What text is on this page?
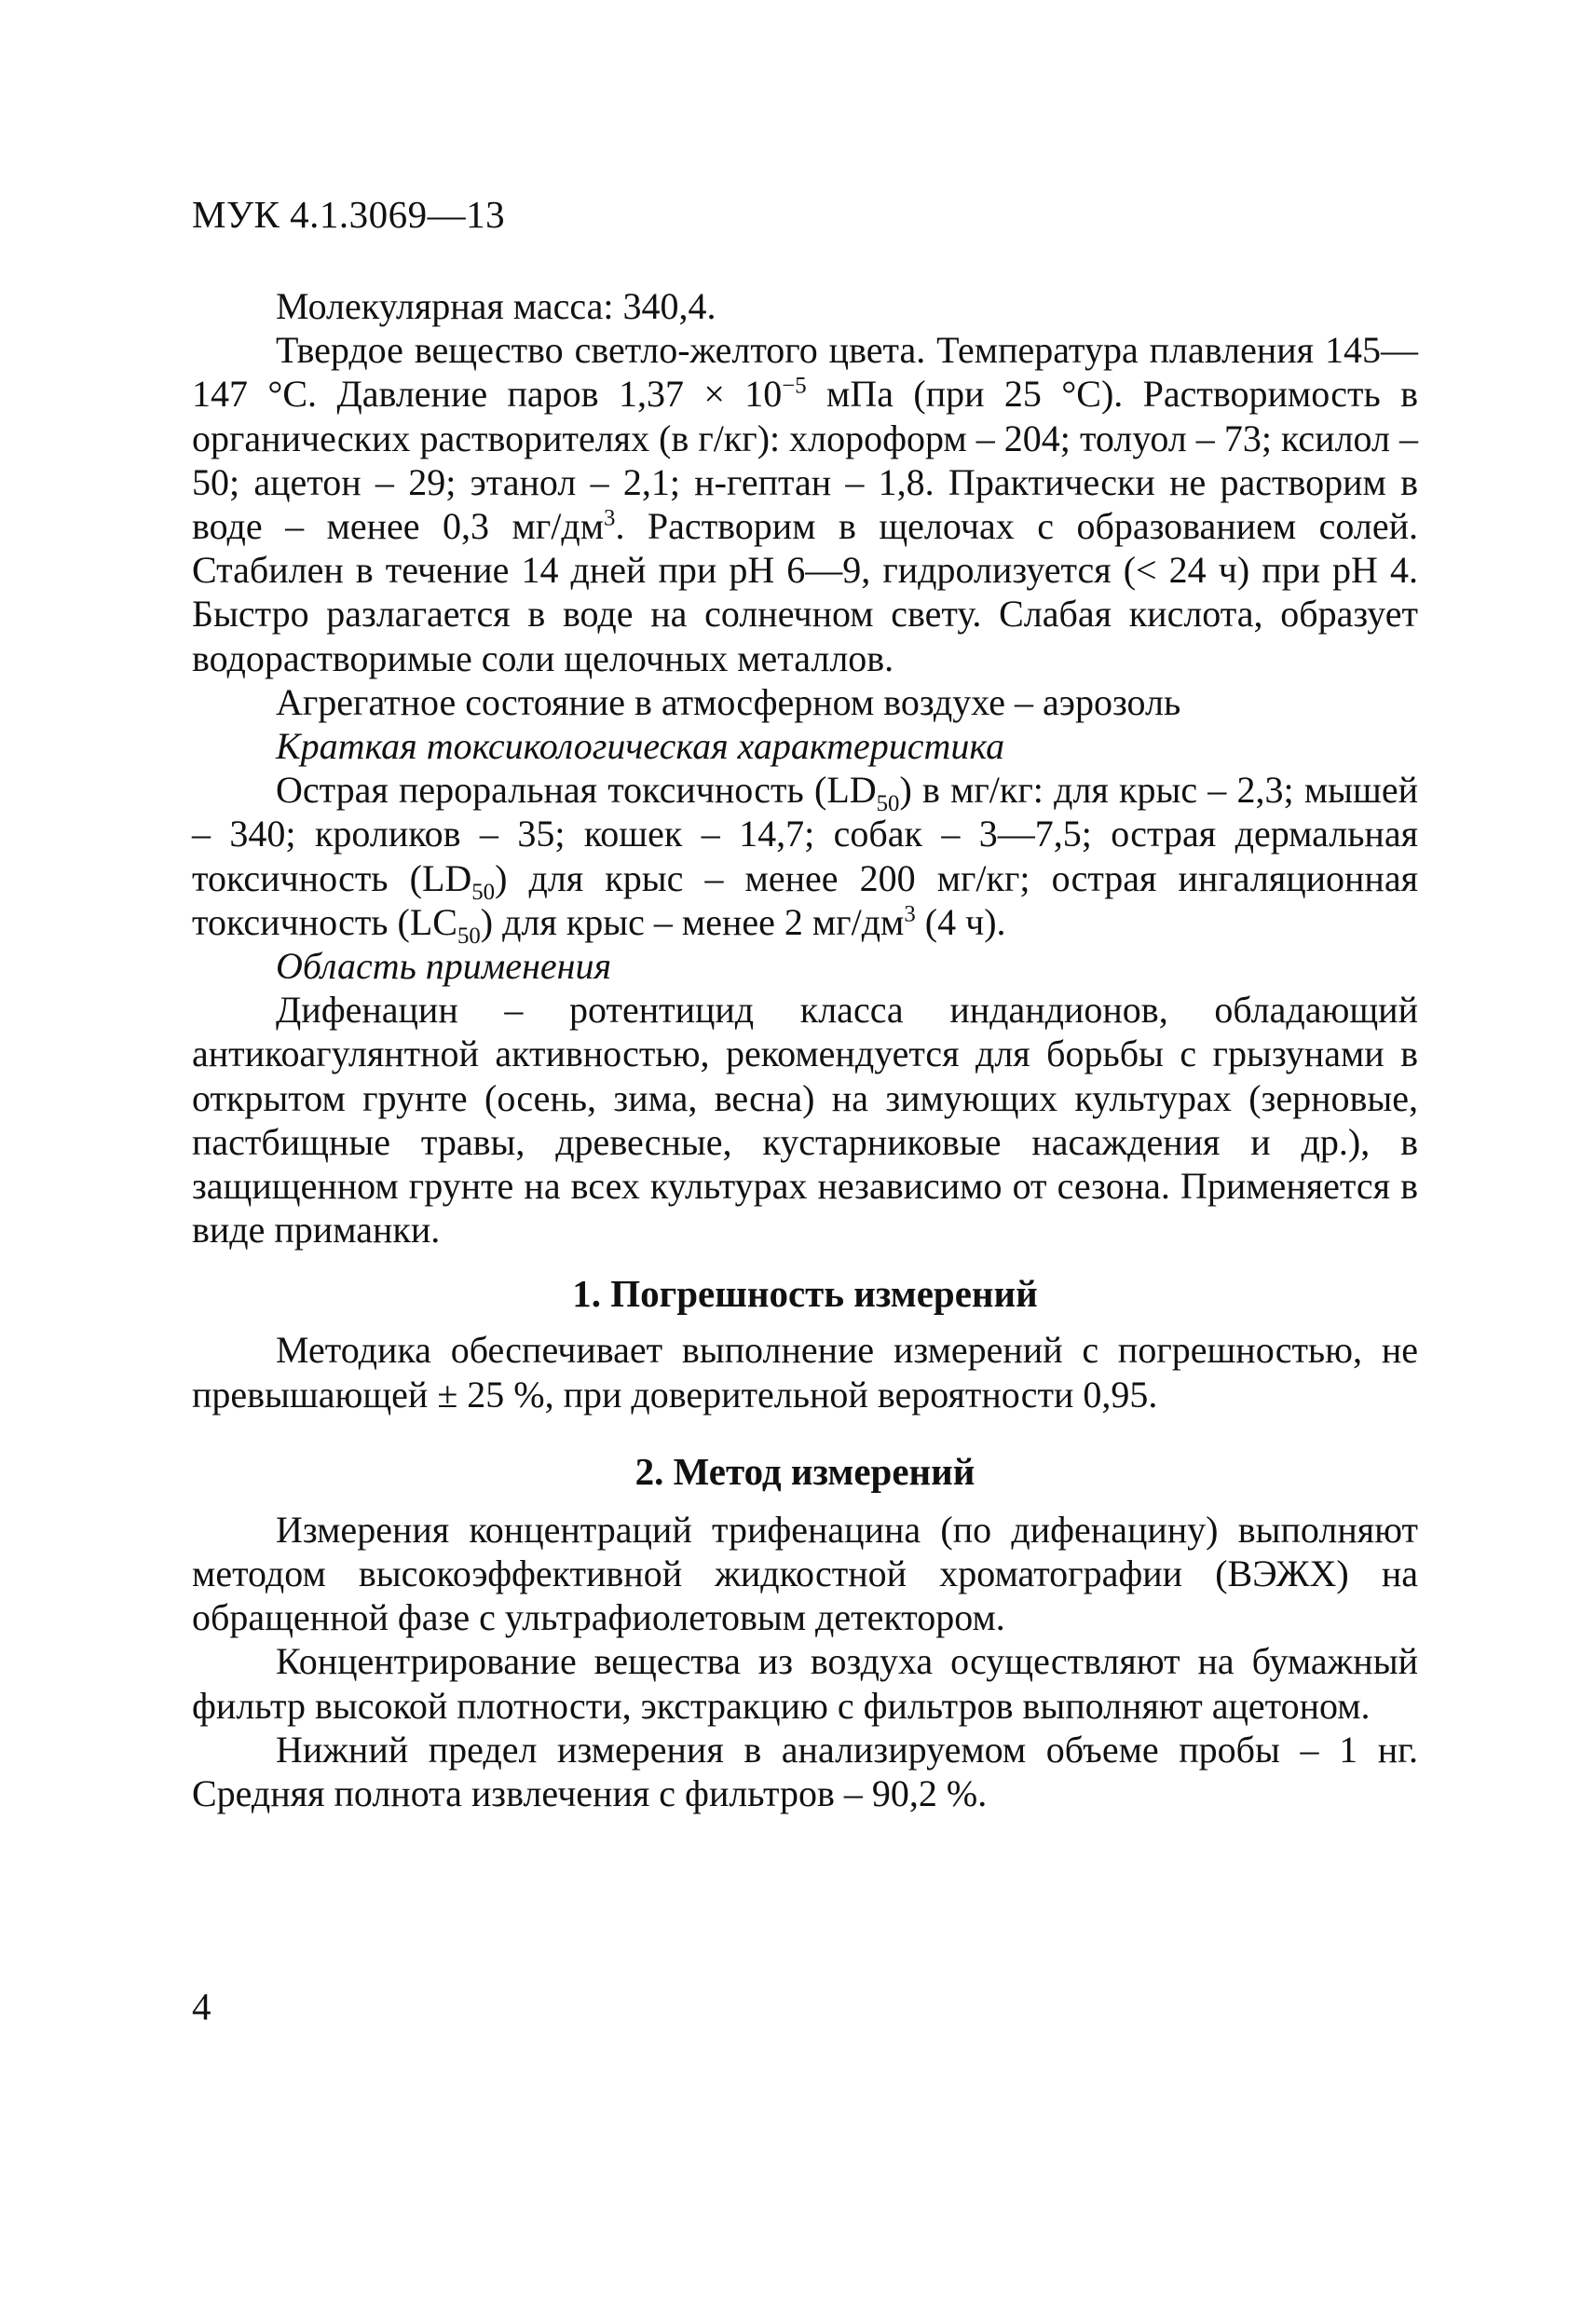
МУК 4.1.3069—13

Молекулярная масса: 340,4.

Твердое вещество светло-желтого цвета. Температура плавления 145—147 °С. Давление паров $1,37 \times 10^{-5}$ мПа (при 25 °С). Растворимость в органических растворителях (в г/кг): хлороформ – 204; толуол – 73; ксилол – 50; ацетон – 29; этанол – 2,1; н-гептан – 1,8. Практически не растворим в воде – менее 0,3 $мг/дм^3$. Растворим в щелочах с образованием солей. Стабилен в течение 14 дней при pH 6—9, гидролизуется (< 24 ч) при pH 4. Быстро разлагается в воде на солнечном свету. Слабая кислота, образует водорастворимые соли щелочных металлов.

Агрегатное состояние в атмосферном воздухе – аэрозоль

Краткая токсикологическая характеристика

Острая пероральная токсичность $(LD_{50})$ в мг/кг: для крыс – 2,3; мышей – 340; кроликов – 35; кошек – 14,7; собак – 3—7,5; острая дермальная токсичность $(LD_{50})$ для крыс – менее 200 мг/кг; острая ингаляционная токсичность $(LC_{50})$ для крыс – менее 2 $мг/дм^3$ (4 ч).

Область применения

Дифенацин – ротентицид класса индандионов, обладающий антикоагулянтной активностью, рекомендуется для борьбы с грызунами в открытом грунте (осень, зима, весна) на зимующих культурах (зерновые, пастбищные травы, древесные, кустарниковые насаждения и др.), в защищенном грунте на всех культурах независимо от сезона. Применяется в виде приманки.

1. Погрешность измерений

Методика обеспечивает выполнение измерений с погрешностью, не превышающей ± 25 %, при доверительной вероятности 0,95.

2. Метод измерений

Измерения концентраций трифенацина (по дифенацину) выполняют методом высокоэффективной жидкостной хроматографии (ВЭЖХ) на обращенной фазе с ультрафиолетовым детектором.

Концентрирование вещества из воздуха осуществляют на бумажный фильтр высокой плотности, экстракцию с фильтров выполняют ацетоном.

Нижний предел измерения в анализируемом объеме пробы – 1 нг. Средняя полнота извлечения с фильтров – 90,2 %.

4
